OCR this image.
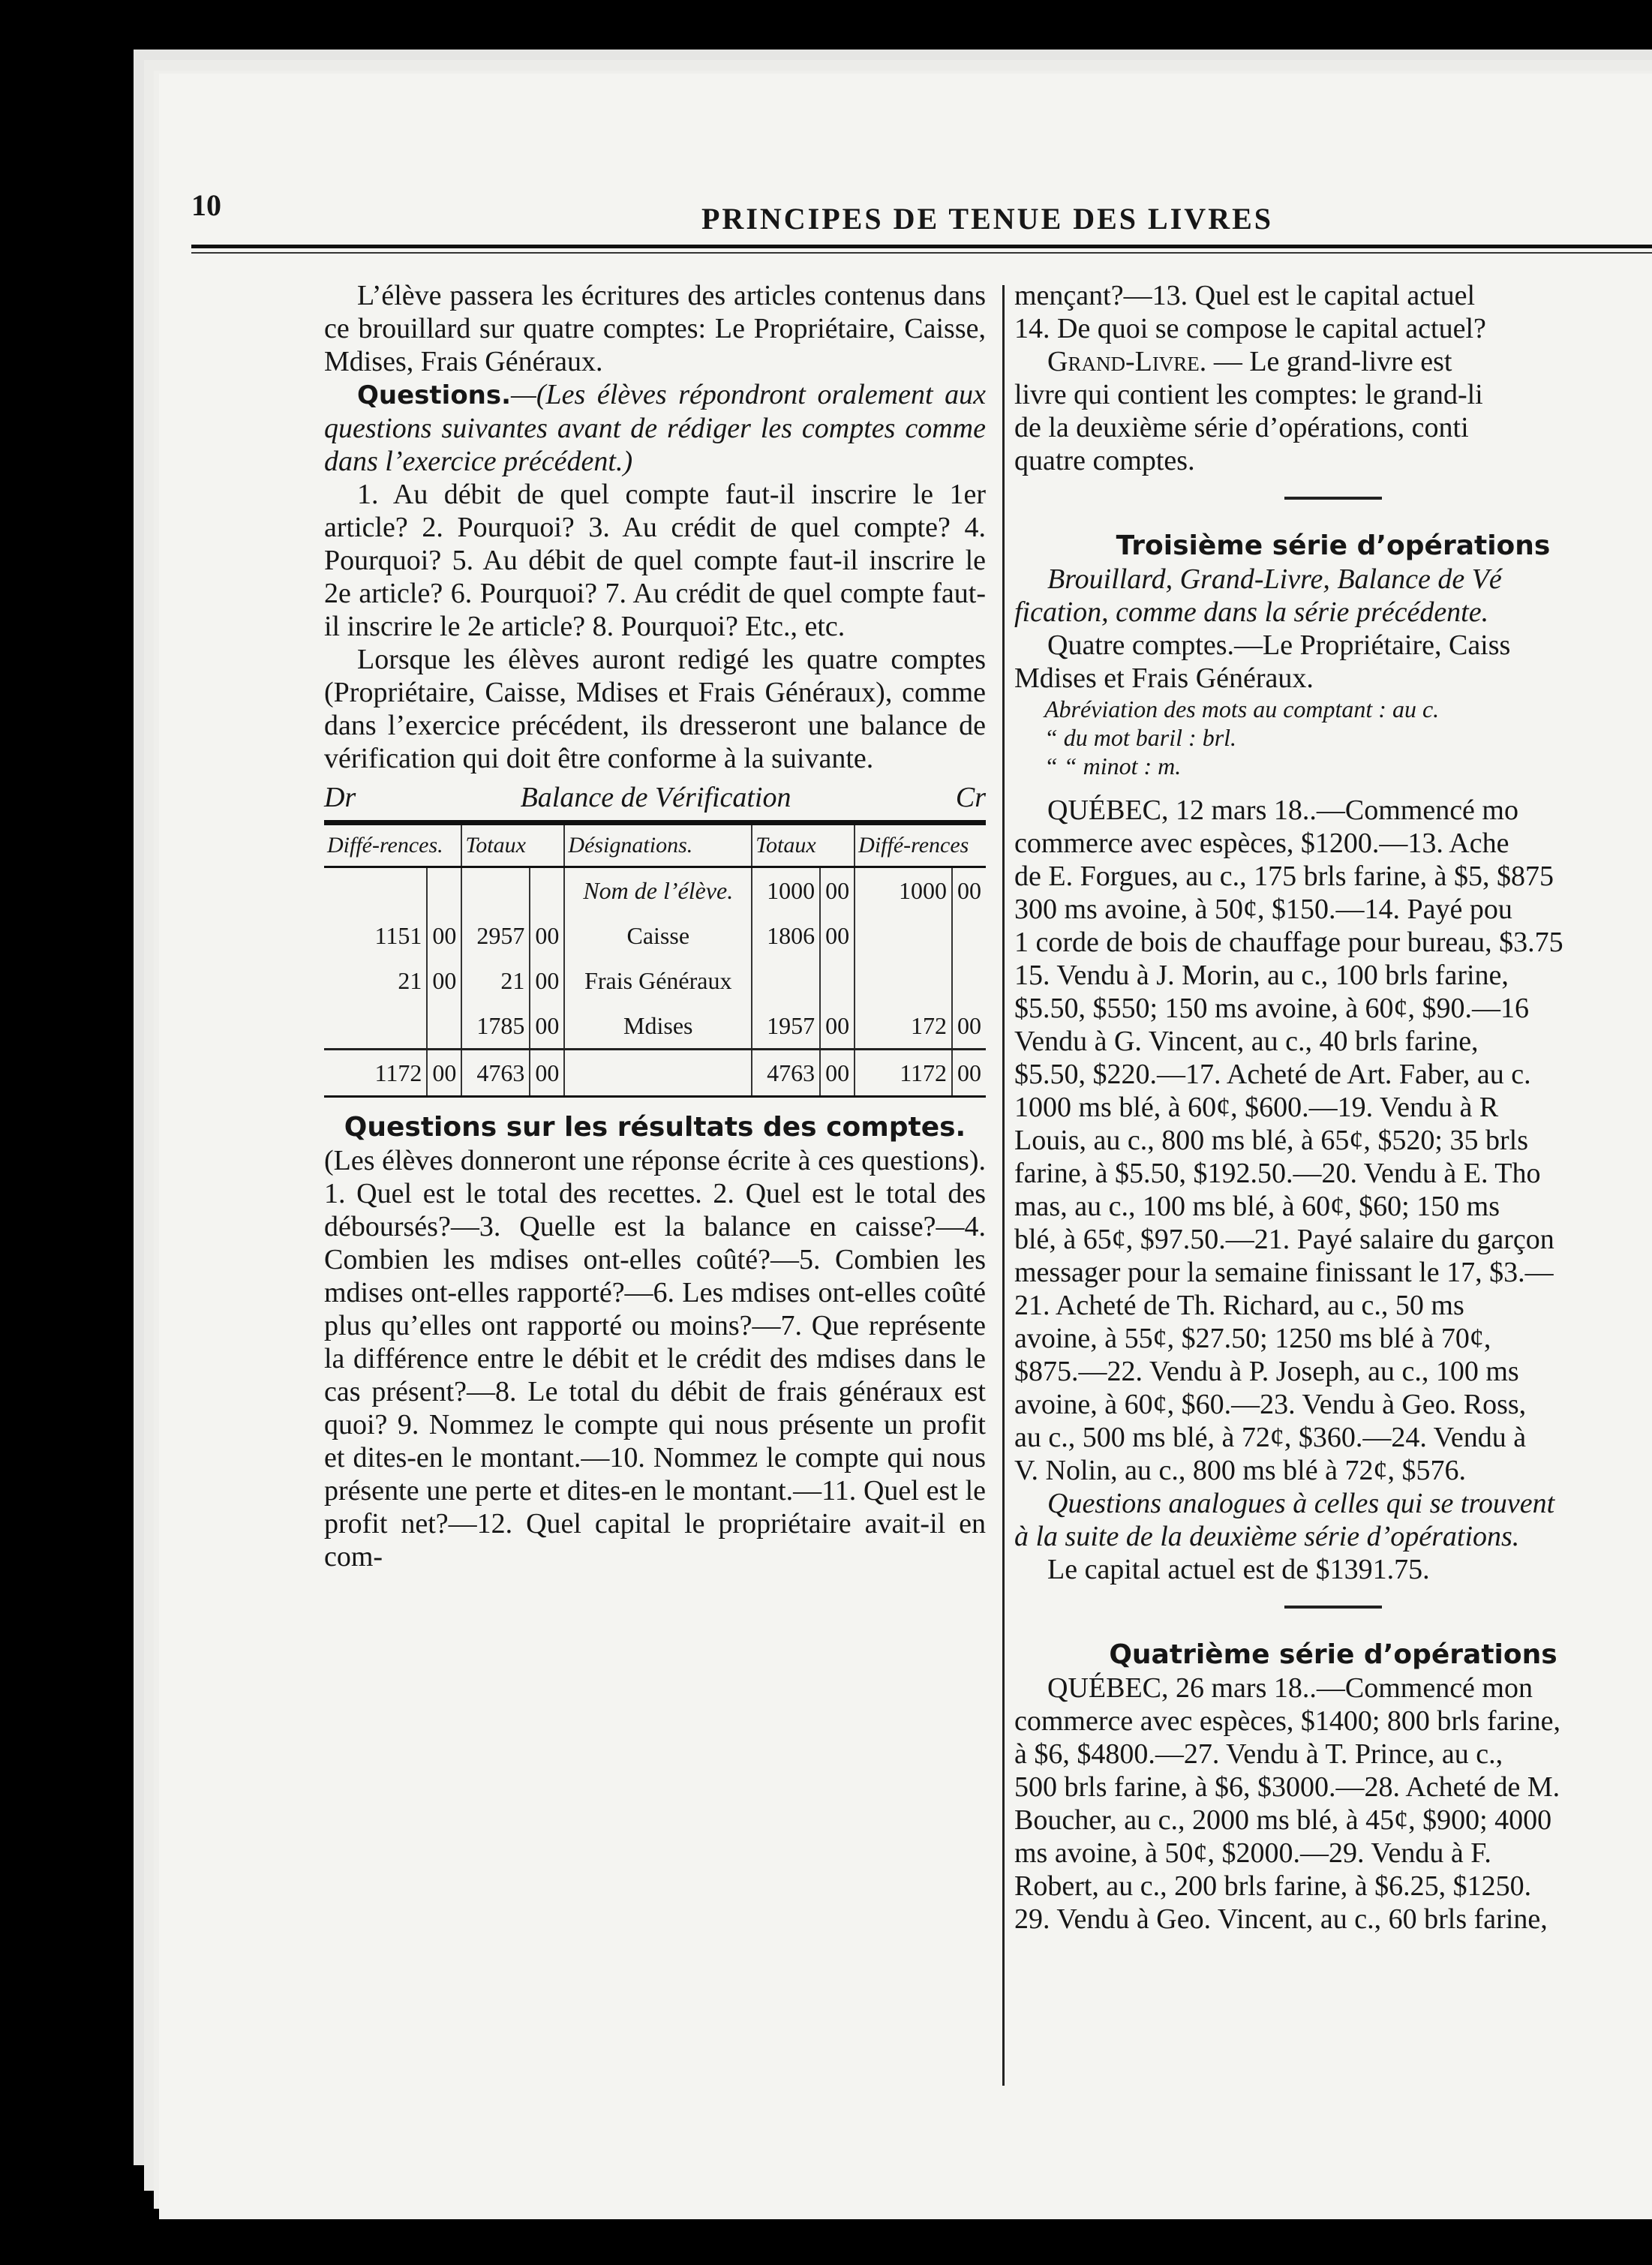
10	PRINCIPES DE TENUE DES LIVRES

L’élève passera les écritures des articles contenus dans ce brouillard sur quatre comptes: Le Propriétaire, Caisse, Mdises, Frais Généraux.

Questions.—(Les élèves répondront oralement aux questions suivantes avant de rédiger les comptes comme dans l’exercice précédent.)

1. Au débit de quel compte faut-il inscrire le 1er article? 2. Pourquoi? 3. Au crédit de quel compte? 4. Pourquoi? 5. Au débit de quel compte faut-il inscrire le 2e article? 6. Pourquoi? 7. Au crédit de quel compte faut-il inscrire le 2e article? 8. Pourquoi? Etc., etc.

Lorsque les élèves auront redigé les quatre comptes (Propriétaire, Caisse, Mdises et Frais Généraux), comme dans l’exercice précédent, ils dresseront une balance de vérification qui doit être conforme à la suivante.

Dr	Balance de Vérification	Cr
Diffé-rences.		Totaux		Désignations.	Totaux		Diffé-rences	
				Nom de l’élève.	1000	00	1000	00
1151	00	2957	00	Caisse	1806	00		
21	00	21	00	Frais Généraux				
		1785	00	Mdises	1957	00	172	00
1172	00	4763	00		4763	00	1172	00

Questions sur les résultats des comptes.

(Les élèves donneront une réponse écrite à ces questions). 1. Quel est le total des recettes. 2. Quel est le total des déboursés?—3. Quelle est la balance en caisse?—4. Combien les mdises ont-elles coûté?—5. Combien les mdises ont-elles rapporté?—6. Les mdises ont-elles coûté plus qu’elles ont rapporté ou moins?—7. Que représente la différence entre le débit et le crédit des mdises dans le cas présent?—8. Le total du débit de frais généraux est quoi? 9. Nommez le compte qui nous présente un profit et dites-en le montant.—10. Nommez le compte qui nous présente une perte et dites-en le montant.—11. Quel est le profit net?—12. Quel capital le propriétaire avait-il en com-

mençant?—13. Quel est le capital actuel

14. De quoi se compose le capital actuel?

Grand-Livre. — Le grand-livre est

livre qui contient les comptes: le grand-li

de la deuxième série d’opérations, conti

quatre comptes.

Troisième série d’opérations

Brouillard, Grand-Livre, Balance de Vé

fication, comme dans la série précédente.

Quatre comptes.—Le Propriétaire, Caiss

Mdises et Frais Généraux.

Abréviation des mots au comptant : au c.

“ du mot baril : brl.

“ “ minot : m.

QUÉBEC, 12 mars 18..—Commencé mo

commerce avec espèces, $1200.—13. Ache

de E. Forgues, au c., 175 brls farine, à $5, $875

300 ms avoine, à 50¢, $150.—14. Payé pou

1 corde de bois de chauffage pour bureau, $3.75

15. Vendu à J. Morin, au c., 100 brls farine,

$5.50, $550; 150 ms avoine, à 60¢, $90.—16

Vendu à G. Vincent, au c., 40 brls farine,

$5.50, $220.—17. Acheté de Art. Faber, au c.

1000 ms blé, à 60¢, $600.—19. Vendu à R

Louis, au c., 800 ms blé, à 65¢, $520; 35 brls

farine, à $5.50, $192.50.—20. Vendu à E. Tho

mas, au c., 100 ms blé, à 60¢, $60; 150 ms

blé, à 65¢, $97.50.—21. Payé salaire du garçon

messager pour la semaine finissant le 17, $3.—

21. Acheté de Th. Richard, au c., 50 ms

avoine, à 55¢, $27.50; 1250 ms blé à 70¢,

$875.—22. Vendu à P. Joseph, au c., 100 ms

avoine, à 60¢, $60.—23. Vendu à Geo. Ross,

au c., 500 ms blé, à 72¢, $360.—24. Vendu à

V. Nolin, au c., 800 ms blé à 72¢, $576.

Questions analogues à celles qui se trouvent

à la suite de la deuxième série d’opérations.

Le capital actuel est de $1391.75.

Quatrième série d’opérations

QUÉBEC, 26 mars 18..—Commencé mon

commerce avec espèces, $1400; 800 brls farine,

à $6, $4800.—27. Vendu à T. Prince, au c.,

500 brls farine, à $6, $3000.—28. Acheté de M.

Boucher, au c., 2000 ms blé, à 45¢, $900; 4000

ms avoine, à 50¢, $2000.—29. Vendu à F.

Robert, au c., 200 brls farine, à $6.25, $1250.

29. Vendu à Geo. Vincent, au c., 60 brls farine,
